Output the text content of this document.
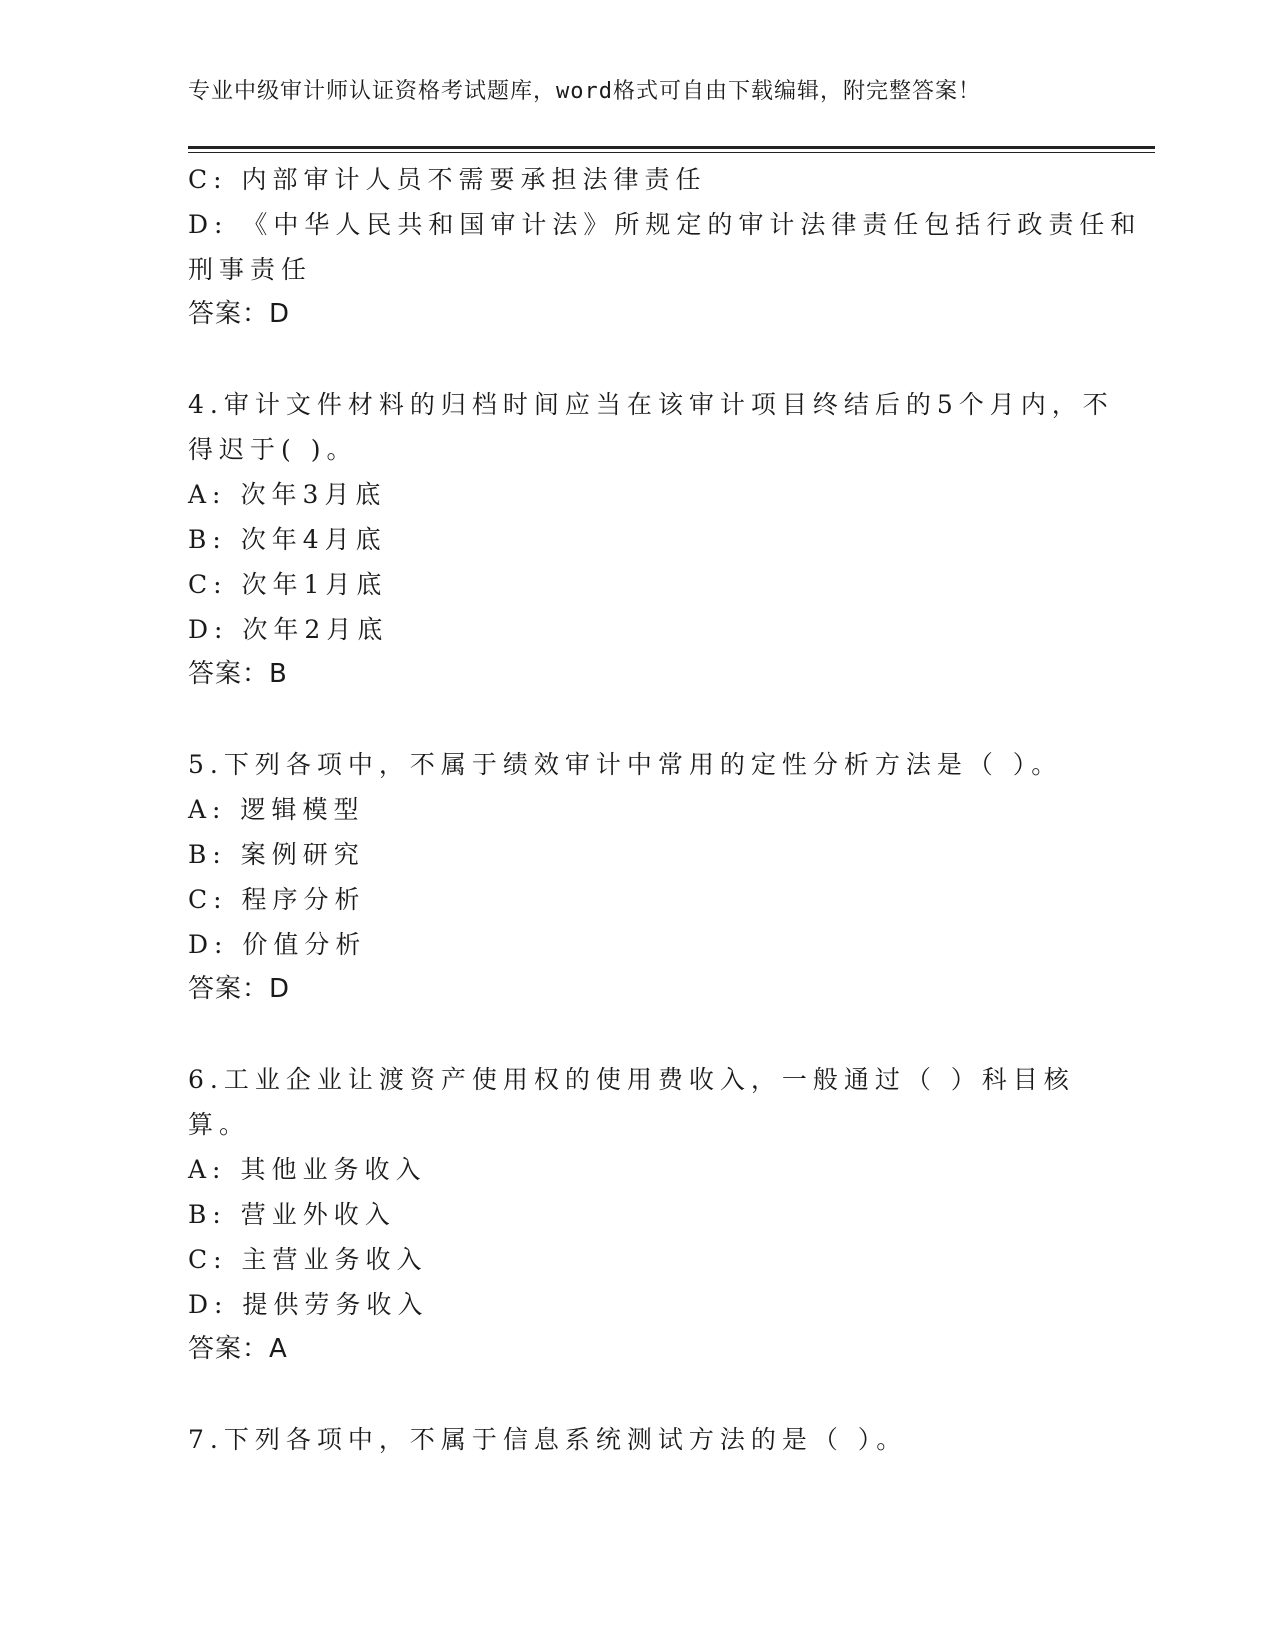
专业中级审计师认证资格考试题库，word格式可自由下载编辑，附完整答案！
C: 内部审计人员不需要承担法律责任
D: 《中华人民共和国审计法》所规定的审计法律责任包括行政责任和
刑事责任
答案：D
4.审计文件材料的归档时间应当在该审计项目终结后的5个月内，不
得迟于( )。
A: 次年3月底
B: 次年4月底
C: 次年1月底
D: 次年2月底
答案：B
5.下列各项中，不属于绩效审计中常用的定性分析方法是（ ）。
A: 逻辑模型
B: 案例研究
C: 程序分析
D: 价值分析
答案：D
6.工业企业让渡资产使用权的使用费收入，一般通过（ ）科目核
算。
A: 其他业务收入
B: 营业外收入
C: 主营业务收入
D: 提供劳务收入
答案：A
7.下列各项中，不属于信息系统测试方法的是（ ）。
